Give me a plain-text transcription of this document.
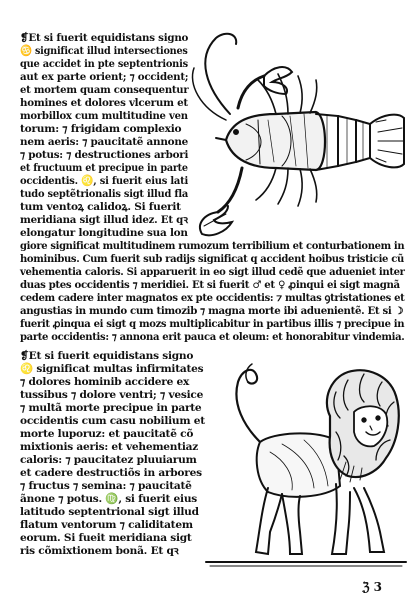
❡Et si fuerit equidistans signo
♋ significat illud intersectiones
que accidet in pte septentrionis
aut ex parte orient; ⁊ occident;
et mortem quam consequentur
homines et dolores vlcerum et
morbillox cum multitudine ven
torum: ⁊ frigidam complexio
nem aeris: ⁊ paucitatẽ annone
⁊ potus: ⁊ destructiones arbori
et fructuum et precipue in parte
occidentis. ♌, si fuerit eius lati
tudo septẽtrionalis sigt illud fla
tum ventoꝝ calidoꝝ. Si fuerit
meridiana sigt illud idez. Et qꝛ
elongatur longitudine sua lon
giore significat multitudinem rumozum terribilium et conturbationem in
hominibus. Cum fuerit sub radijs significat q accident hoibus tristicie cũ
vehementia caloris. Si apparuerit in eo sigt illud cedẽ que adueniet inter
duas ptes occidentis ⁊ meridiei. Et si fuerit ♂ et ♀ ꝓinqui ei sigt magnã
cedem cadere inter magnatos ex pte occidentis: ⁊ multas ꝯtristationes et
angustias in mundo cum timozib ⁊ magna morte ibi aduenientẽ. Et si ☽
fuerit ꝓinqua ei sigt q mozs multiplicabitur in partibus illis ⁊ precipue in
parte occidentis: ⁊ annona erit pauca et oleum: et honorabitur vindemia.
❡Et si fuerit equidistans signo
♌ significat multas infirmitates
⁊ dolores hominib accidere ex
tussibus ⁊ dolore ventri; ⁊ vesice
⁊ multã morte precipue in parte
occidentis cum casu nobilium et
morte luporuz: et paucitatẽ cõ
mixtionis aeris: et vehementiaz
caloris: ⁊ paucitatez pluuiarum
et cadere destructiõs in arbores
⁊ fructus ⁊ semina: ⁊ paucitatẽ
ãnone ⁊ potus. ♍, si fuerit eius
latitudo septentrional sigt illud
flatum ventorum ⁊ caliditatem
eorum. Si fueit meridiana sigt
ris cõmixtionem bonã. Et qꝛ
ℨ 3
